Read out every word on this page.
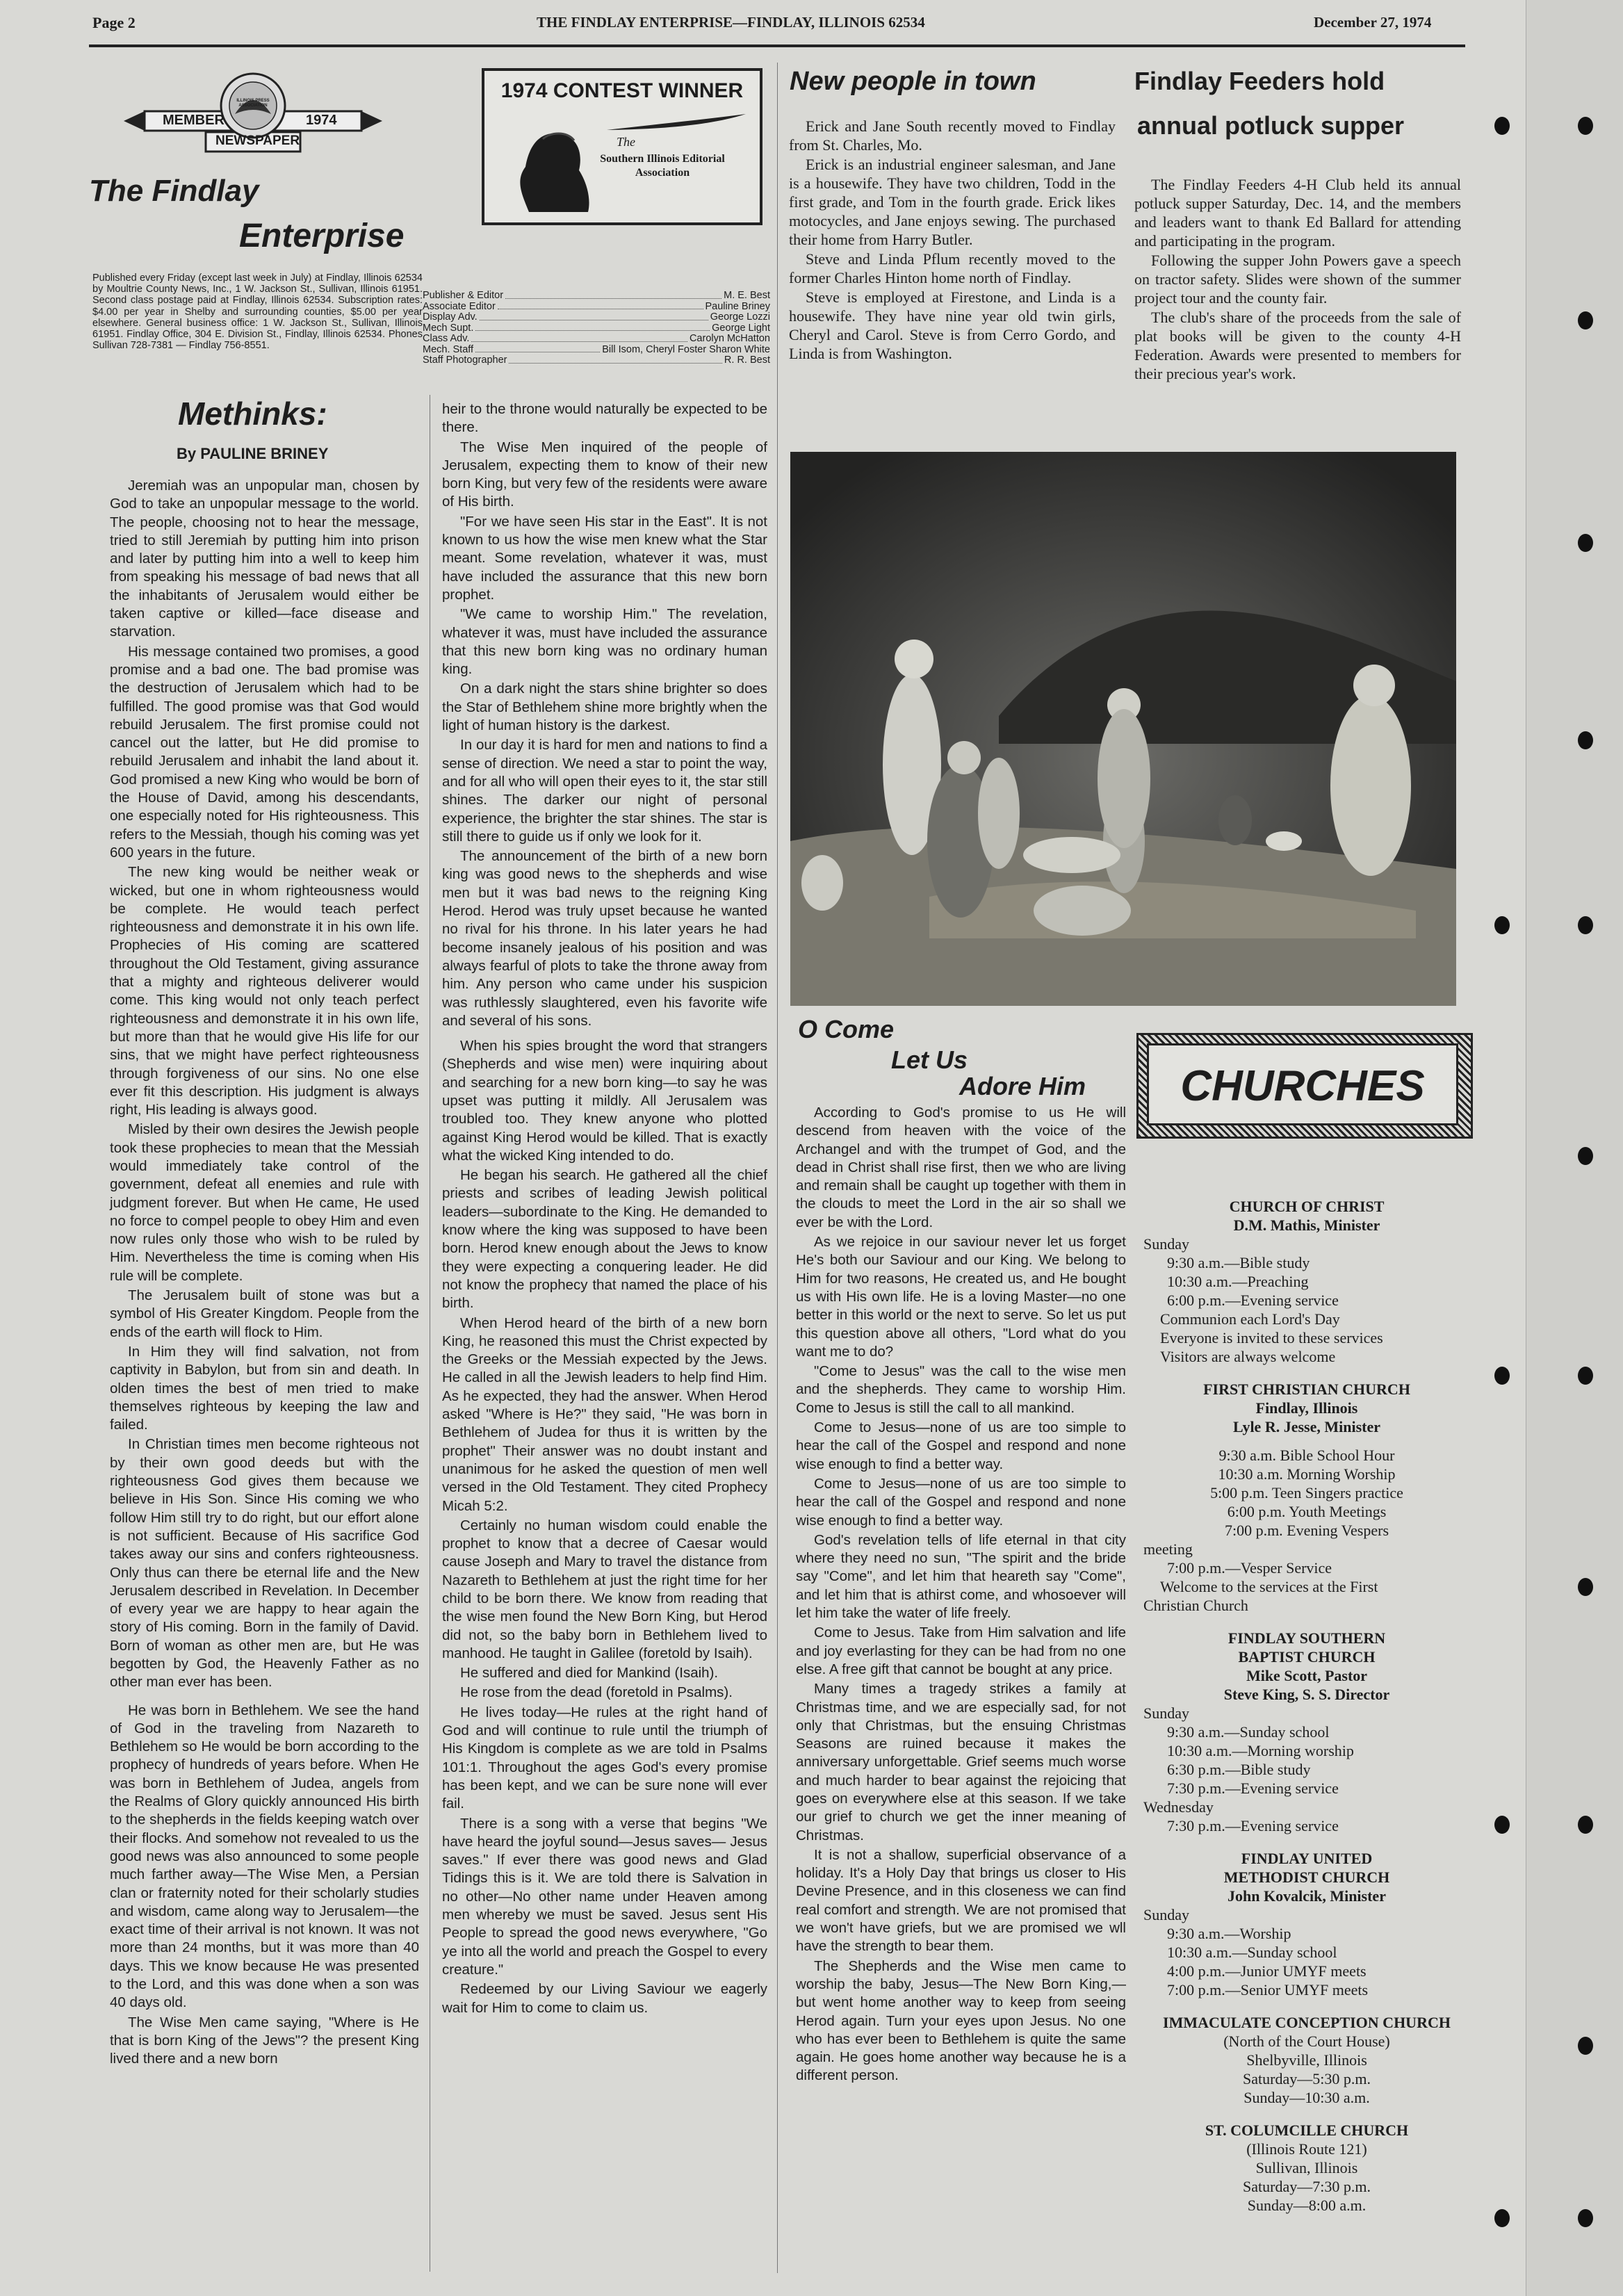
Page 2	THE FINDLAY ENTERPRISE—FINDLAY, ILLINOIS 62534	December 27, 1974
MEMBER	1974
NEWSPAPER
ILLINOIS PRESS ASSOCIATION
The Findlay
Enterprise
Published every Friday (except last week in July) at Findlay, Illinois 62534 by Moultrie County News, Inc., 1 W. Jackson St., Sullivan, Illinois 61951. Second class postage paid at Findlay, Illinois 62534. Subscription rates: $4.00 per year in Shelby and surrounding counties, $5.00 per year elsewhere. General business office: 1 W. Jackson St., Sullivan, Illinois 61951. Findlay Office, 304 E. Division St., Findlay, Illinois 62534. Phones Sullivan 728-7381 — Findlay 756-8551.
1974 CONTEST WINNER
The
Southern Illinois Editorial
Association
Publisher & Editor	M. E. Best
Associate Editor	Pauline Briney
Display Adv.	George Lozzi
Mech Supt.	George Light
Class Adv.	Carolyn McHatton
Mech. Staff	Bill Isom, Cheryl Foster Sharon White
Staff Photographer	R. R. Best
Methinks:
By PAULINE BRINEY

Jeremiah was an unpopular man, chosen by God to take an unpopular message to the world. The people, choosing not to hear the message, tried to still Jeremiah by putting him into prison and later by putting him into a well to keep him from speaking his message of bad news that all the inhabitants of Jerusalem would either be taken captive or killed—face disease and starvation.

His message contained two promises, a good promise and a bad one. The bad promise was the destruction of Jerusalem which had to be fulfilled. The good promise was that God would rebuild Jerusalem. The first promise could not cancel out the latter, but He did promise to rebuild Jerusalem and inhabit the land about it. God promised a new King who would be born of the House of David, among his descendants, one especially noted for His righteousness. This refers to the Messiah, though his coming was yet 600 years in the future.

The new king would be neither weak or wicked, but one in whom righteousness would be complete. He would teach perfect righteousness and demonstrate it in his own life. Prophecies of His coming are scattered throughout the Old Testament, giving assurance that a mighty and righteous deliverer would come. This king would not only teach perfect righteousness and demonstrate it in his own life, but more than that he would give His life for our sins, that we might have perfect righteousness through forgiveness of our sins. No one else ever fit this description. His judgment is always right, His leading is always good.

Misled by their own desires the Jewish people took these prophecies to mean that the Messiah would immediately take control of the government, defeat all enemies and rule with judgment forever. But when He came, He used no force to compel people to obey Him and even now rules only those who wish to be ruled by Him. Nevertheless the time is coming when His rule will be complete.

The Jerusalem built of stone was but a symbol of His Greater Kingdom. People from the ends of the earth will flock to Him.

In Him they will find salvation, not from captivity in Babylon, but from sin and death. In olden times the best of men tried to make themselves righteous by keeping the law and failed.

In Christian times men become righteous not by their own good deeds but with the righteousness God gives them because we believe in His Son. Since His coming we who follow Him still try to do right, but our effort alone is not sufficient. Because of His sacrifice God takes away our sins and confers righteousness. Only thus can there be eternal life and the New Jerusalem described in Revelation. In December of every year we are happy to hear again the story of His coming. Born in the family of David. Born of woman as other men are, but He was begotten by God, the Heavenly Father as no other man ever has been.

He was born in Bethlehem. We see the hand of God in the traveling from Nazareth to Bethlehem so He would be born according to the prophecy of hundreds of years before. When He was born in Bethlehem of Judea, angels from the Realms of Glory quickly announced His birth to the shepherds in the fields keeping watch over their flocks. And somehow not revealed to us the good news was also announced to some people much farther away—The Wise Men, a Persian clan or fraternity noted for their scholarly studies and wisdom, came along way to Jerusalem—the exact time of their arrival is not known. It was not more than 24 months, but it was more than 40 days. This we know because He was presented to the Lord, and this was done when a son was 40 days old.

The Wise Men came saying, "Where is He that is born King of the Jews"? the present King lived there and a new born

heir to the throne would naturally be expected to be there.

The Wise Men inquired of the people of Jerusalem, expecting them to know of their new born King, but very few of the residents were aware of His birth.

"For we have seen His star in the East". It is not known to us how the wise men knew what the Star meant. Some revelation, whatever it was, must have included the assurance that this new born prophet.

"We came to worship Him." The revelation, whatever it was, must have included the assurance that this new born king was no ordinary human king.

On a dark night the stars shine brighter so does the Star of Bethlehem shine more brightly when the light of human history is the darkest.

In our day it is hard for men and nations to find a sense of direction. We need a star to point the way, and for all who will open their eyes to it, the star still shines. The darker our night of personal experience, the brighter the star shines. The star is still there to guide us if only we look for it.

The announcement of the birth of a new born king was good news to the shepherds and wise men but it was bad news to the reigning King Herod. Herod was truly upset because he wanted no rival for his throne. In his later years he had become insanely jealous of his position and was always fearful of plots to take the throne away from him. Any person who came under his suspicion was ruthlessly slaughtered, even his favorite wife and several of his sons.

When his spies brought the word that strangers (Shepherds and wise men) were inquiring about and searching for a new born king—to say he was upset was putting it mildly. All Jerusalem was troubled too. They knew anyone who plotted against King Herod would be killed. That is exactly what the wicked King intended to do.

He began his search. He gathered all the chief priests and scribes of leading Jewish political leaders—subordinate to the King. He demanded to know where the king was supposed to have been born. Herod knew enough about the Jews to know they were expecting a conquering leader. He did not know the prophecy that named the place of his birth.

When Herod heard of the birth of a new born King, he reasoned this must the Christ expected by the Greeks or the Messiah expected by the Jews. He called in all the Jewish leaders to help find Him. As he expected, they had the answer. When Herod asked "Where is He?" they said, "He was born in Bethlehem of Judea for thus it is written by the prophet" Their answer was no doubt instant and unanimous for he asked the question of men well versed in the Old Testament. They cited Prophecy Micah 5:2.

Certainly no human wisdom could enable the prophet to know that a decree of Caesar would cause Joseph and Mary to travel the distance from Nazareth to Bethlehem at just the right time for her child to be born there. We know from reading that the wise men found the New Born King, but Herod did not, so the baby born in Bethlehem lived to manhood. He taught in Galilee (foretold by Isaih).

He suffered and died for Mankind (Isaih).

He rose from the dead (foretold in Psalms).

He lives today—He rules at the right hand of God and will continue to rule until the triumph of His Kingdom is complete as we are told in Psalms 101:1. Throughout the ages God's every promise has been kept, and we can be sure none will ever fail.

There is a song with a verse that begins "We have heard the joyful sound—Jesus saves— Jesus saves." If ever there was good news and Glad Tidings this is it. We are told there is Salvation in no other—No other name under Heaven among men whereby we must be saved. Jesus sent His People to spread the good news everywhere, "Go ye into all the world and preach the Gospel to every creature."

Redeemed by our Living Saviour we eagerly wait for Him to come to claim us.

New people in town

Erick and Jane South recently moved to Findlay from St. Charles, Mo.

Erick is an industrial engineer salesman, and Jane is a housewife. They have two children, Todd in the first grade, and Tom in the fourth grade. Erick likes motocycles, and Jane enjoys sewing. The purchased their home from Harry Butler.

Steve and Linda Pflum recently moved to the former Charles Hinton home north of Findlay.

Steve is employed at Firestone, and Linda is a housewife. They have nine year old twin girls, Cheryl and Carol. Steve is from Cerro Gordo, and Linda is from Washington.

Findlay Feeders hold
annual potluck supper

The Findlay Feeders 4-H Club held its annual potluck supper Saturday, Dec. 14, and the members and leaders want to thank Ed Ballard for attending and participating in the program.

Following the supper John Powers gave a speech on tractor safety. Slides were shown of the summer project tour and the county fair.

The club's share of the proceeds from the sale of plat books will be given to the county 4-H Federation. Awards were presented to members for their precious year's work.

O Come
Let Us
Adore Him

According to God's promise to us He will descend from heaven with the voice of the Archangel and with the trumpet of God, and the dead in Christ shall rise first, then we who are living and remain shall be caught up together with them in the clouds to meet the Lord in the air so shall we ever be with the Lord.

As we rejoice in our saviour never let us forget He's both our Saviour and our King. We belong to Him for two reasons, He created us, and He bought us with His own life. He is a loving Master—no one better in this world or the next to serve. So let us put this question above all others, "Lord what do you want me to do?

"Come to Jesus" was the call to the wise men and the shepherds. They came to worship Him. Come to Jesus is still the call to all mankind.

Come to Jesus—none of us are too simple to hear the call of the Gospel and respond and none wise enough to find a better way.

Come to Jesus—none of us are too simple to hear the call of the Gospel and respond and none wise enough to find a better way.

God's revelation tells of life eternal in that city where they need no sun, "The spirit and the bride say "Come", and let him that heareth say "Come", and let him that is athirst come, and whosoever will let him take the water of life freely.

Come to Jesus. Take from Him salvation and life and joy everlasting for they can be had from no one else. A free gift that cannot be bought at any price.

Many times a tragedy strikes a family at Christmas time, and we are especially sad, for not only that Christmas, but the ensuing Christmas Seasons are ruined because it makes the anniversary unforgettable. Grief seems much worse and much harder to bear against the rejoicing that goes on everywhere else at this season. If we take our grief to church we get the inner meaning of Christmas.

It is not a shallow, superficial observance of a holiday. It's a Holy Day that brings us closer to His Devine Presence, and in this closeness we can find real comfort and strength. We are not promised that we won't have griefs, but we are promised we wll have the strength to bear them.

The Shepherds and the Wise men came to worship the baby, Jesus—The New Born King,— but went home another way to keep from seeing Herod again. Turn your eyes upon Jesus. No one who has ever been to Bethlehem is quite the same again. He goes home another way because he is a different person.

CHURCHES
CHURCH OF CHRIST
D.M. Mathis, Minister
Sunday
9:30 a.m.—Bible study
10:30 a.m.—Preaching
6:00 p.m.—Evening service
Communion each Lord's Day
Everyone is invited to these services
Visitors are always welcome
FIRST CHRISTIAN CHURCH
Findlay, Illinois
Lyle R. Jesse, Minister
9:30 a.m. Bible School Hour
10:30 a.m. Morning Worship
5:00 p.m. Teen Singers practice
6:00 p.m. Youth Meetings
7:00 p.m. Evening Vespers
meeting
7:00 p.m.—Vesper Service
Welcome to the services at the First
Christian Church
FINDLAY SOUTHERN
BAPTIST CHURCH
Mike Scott, Pastor
Steve King, S. S. Director
Sunday
9:30 a.m.—Sunday school
10:30 a.m.—Morning worship
6:30 p.m.—Bible study
7:30 p.m.—Evening service
Wednesday
7:30 p.m.—Evening service
FINDLAY UNITED
METHODIST CHURCH
John Kovalcik, Minister
Sunday
9:30 a.m.—Worship
10:30 a.m.—Sunday school
4:00 p.m.—Junior UMYF meets
7:00 p.m.—Senior UMYF meets
IMMACULATE CONCEPTION CHURCH
(North of the Court House)
Shelbyville, Illinois
Saturday—5:30 p.m.
Sunday—10:30 a.m.
ST. COLUMCILLE CHURCH
(Illinois Route 121)
Sullivan, Illinois
Saturday—7:30 p.m.
Sunday—8:00 a.m.
